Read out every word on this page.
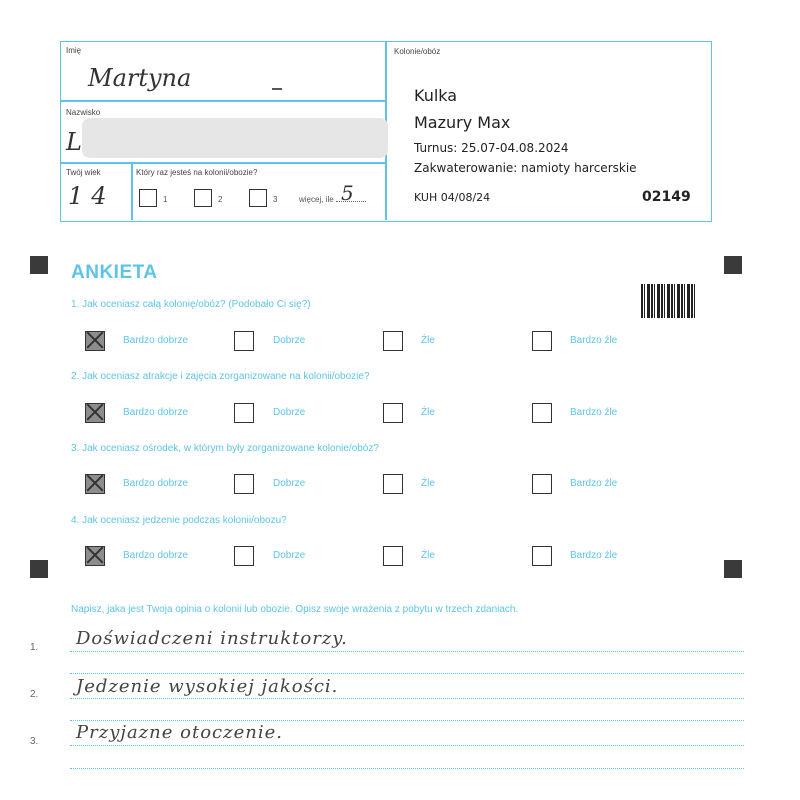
Imię
Martyna
Nazwisko
L
Twój wiek
14
Który raz jesteś na kolonii/obozie?
1	2	3	więcej, ile 5
Kolonie/obóz
Kulka
Mazury Max
Turnus: 25.07-04.08.2024
Zakwaterowanie: namioty harcerskie
KUH 04/08/24	02149
ANKIETA
1. Jak oceniasz całą kolonię/obóz? (Podobało Ci się?)
Bardzo dobrze	Dobrze	Źle	Bardzo źle
2. Jak oceniasz atrakcje i zajęcia zorganizowane na kolonii/obozie?
Bardzo dobrze	Dobrze	Źle	Bardzo źle
3. Jak oceniasz ośrodek, w którym były zorganizowane kolonie/obóz?
Bardzo dobrze	Dobrze	Źle	Bardzo źle
4. Jak oceniasz jedzenie podczas kolonii/obozu?
Bardzo dobrze	Dobrze	Źle	Bardzo źle
Napisz, jaka jest Twoja opinia o kolonii lub obozie. Opisz swoje wrażenia z pobytu w trzech zdaniach.
1. Doświadczeni instruktorzy.
2. Jedzenie wysokiej jakości.
3. Przyjazne otoczenie.
